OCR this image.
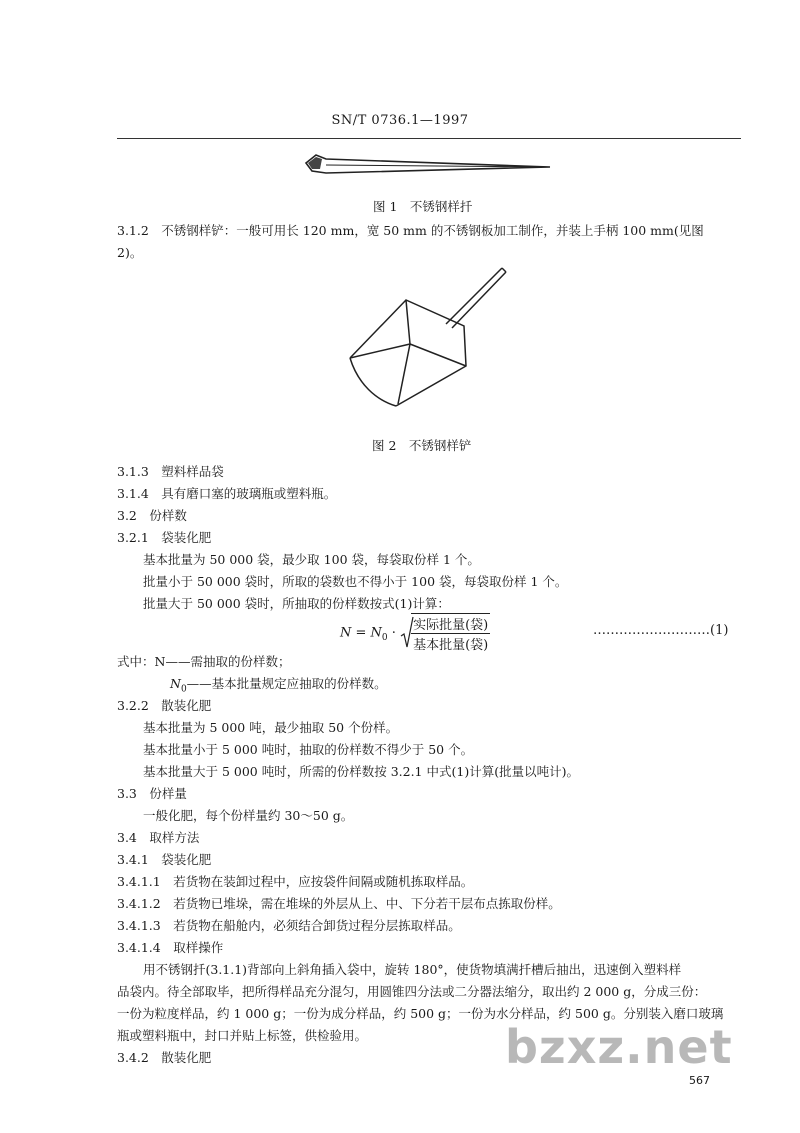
SN/T 0736.1—1997
图 1　不锈钢样扦
3.1.2　不锈钢样铲：一般可用长 120 mm，宽 50 mm 的不锈钢板加工制作，并装上手柄 100 mm(见图
2)。
图 2　不锈钢样铲
3.1.3　塑料样品袋
3.1.4　具有磨口塞的玻璃瓶或塑料瓶。
3.2　份样数
3.2.1　袋装化肥
基本批量为 50 000 袋，最少取 100 袋，每袋取份样 1 个。
批量小于 50 000 袋时，所取的袋数也不得小于 100 袋，每袋取份样 1 个。
批量大于 50 000 袋时，所抽取的份样数按式(1)计算：
$N = N_0 \cdot \frac{\text{实际批量(袋)}}{\text{基本批量(袋)}}$	………………………(1)
式中：N——需抽取的份样数；
$N_0——$基本批量规定应抽取的份样数。
3.2.2　散装化肥
基本批量为 5 000 吨，最少抽取 50 个份样。
基本批量小于 5 000 吨时，抽取的份样数不得少于 50 个。
基本批量大于 5 000 吨时，所需的份样数按 3.2.1 中式(1)计算(批量以吨计)。
3.3　份样量
一般化肥，每个份样量约 30～50 g。
3.4　取样方法
3.4.1　袋装化肥
3.4.1.1　若货物在装卸过程中，应按袋件间隔或随机拣取样品。
3.4.1.2　若货物已堆垛，需在堆垛的外层从上、中、下分若干层布点拣取份样。
3.4.1.3　若货物在船舱内，必须结合卸货过程分层拣取样品。
3.4.1.4　取样操作
用不锈钢扦(3.1.1)背部向上斜角插入袋中，旋转 180°，使货物填满扦槽后抽出，迅速倒入塑料样
品袋内。待全部取毕，把所得样品充分混匀，用圆锥四分法或二分器法缩分，取出约 2 000 g，分成三份：
一份为粒度样品，约 1 000 g；一份为成分样品，约 500 g；一份为水分样品，约 500 g。分别装入磨口玻璃
瓶或塑料瓶中，封口并贴上标签，供检验用。
3.4.2　散装化肥	bzxz.net
567
